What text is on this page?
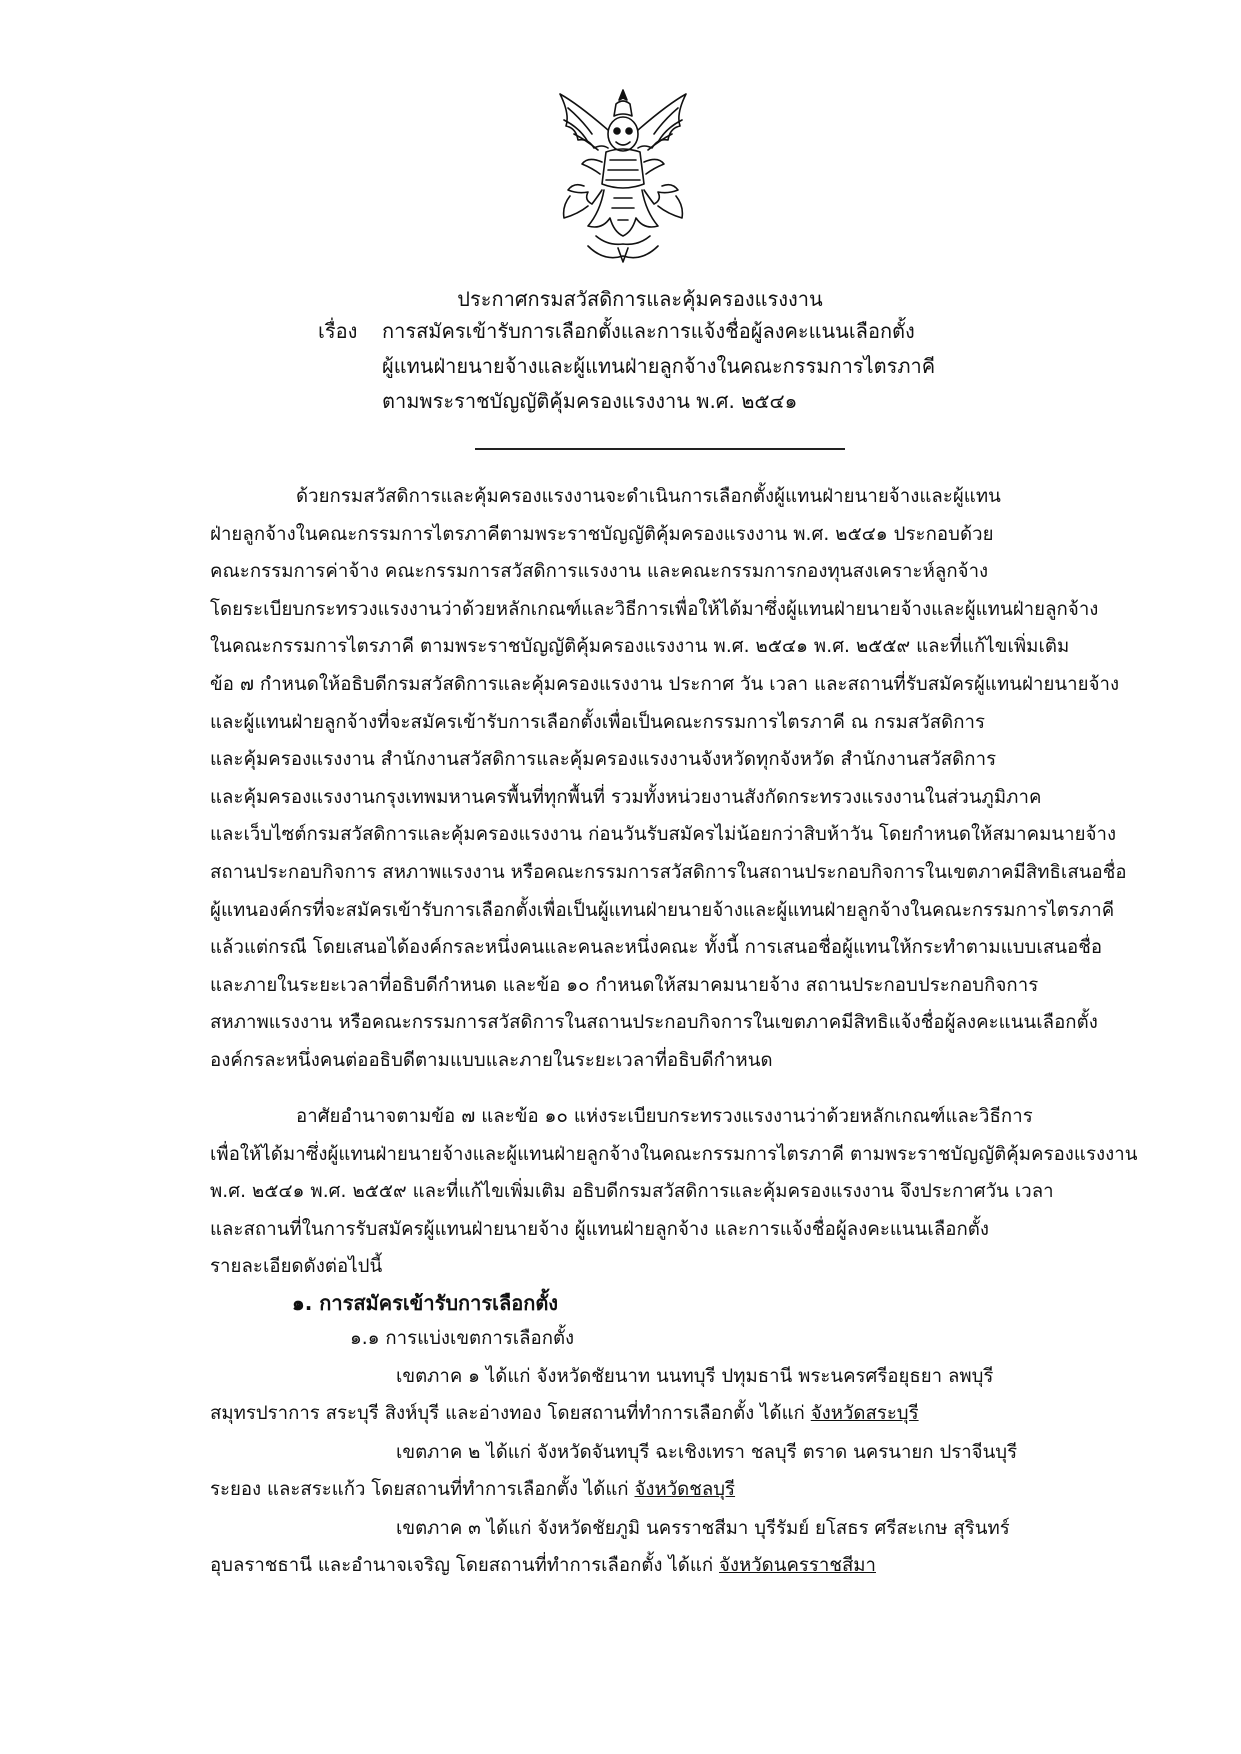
ประกาศกรมสวัสดิการและคุ้มครองแรงงาน
เรื่อง	การสมัครเข้ารับการเลือกตั้งและการแจ้งชื่อผู้ลงคะแนนเลือกตั้ง
ผู้แทนฝ่ายนายจ้างและผู้แทนฝ่ายลูกจ้างในคณะกรรมการไตรภาคี
ตามพระราชบัญญัติคุ้มครองแรงงาน พ.ศ. ๒๕๔๑
ด้วยกรมสวัสดิการและคุ้มครองแรงงานจะดำเนินการเลือกตั้งผู้แทนฝ่ายนายจ้างและผู้แทน
ฝ่ายลูกจ้างในคณะกรรมการไตรภาคีตามพระราชบัญญัติคุ้มครองแรงงาน พ.ศ. ๒๕๔๑ ประกอบด้วย
คณะกรรมการค่าจ้าง คณะกรรมการสวัสดิการแรงงาน และคณะกรรมการกองทุนสงเคราะห์ลูกจ้าง
โดยระเบียบกระทรวงแรงงานว่าด้วยหลักเกณฑ์และวิธีการเพื่อให้ได้มาซึ่งผู้แทนฝ่ายนายจ้างและผู้แทนฝ่ายลูกจ้าง
ในคณะกรรมการไตรภาคี ตามพระราชบัญญัติคุ้มครองแรงงาน พ.ศ. ๒๕๔๑ พ.ศ. ๒๕๕๙ และที่แก้ไขเพิ่มเติม
ข้อ ๗ กำหนดให้อธิบดีกรมสวัสดิการและคุ้มครองแรงงาน ประกาศ วัน เวลา และสถานที่รับสมัครผู้แทนฝ่ายนายจ้าง
และผู้แทนฝ่ายลูกจ้างที่จะสมัครเข้ารับการเลือกตั้งเพื่อเป็นคณะกรรมการไตรภาคี ณ กรมสวัสดิการ
และคุ้มครองแรงงาน สำนักงานสวัสดิการและคุ้มครองแรงงานจังหวัดทุกจังหวัด สำนักงานสวัสดิการ
และคุ้มครองแรงงานกรุงเทพมหานครพื้นที่ทุกพื้นที่ รวมทั้งหน่วยงานสังกัดกระทรวงแรงงานในส่วนภูมิภาค
และเว็บไซต์กรมสวัสดิการและคุ้มครองแรงงาน ก่อนวันรับสมัครไม่น้อยกว่าสิบห้าวัน โดยกำหนดให้สมาคมนายจ้าง
สถานประกอบกิจการ สหภาพแรงงาน หรือคณะกรรมการสวัสดิการในสถานประกอบกิจการในเขตภาคมีสิทธิเสนอชื่อ
ผู้แทนองค์กรที่จะสมัครเข้ารับการเลือกตั้งเพื่อเป็นผู้แทนฝ่ายนายจ้างและผู้แทนฝ่ายลูกจ้างในคณะกรรมการไตรภาคี
แล้วแต่กรณี โดยเสนอได้องค์กรละหนึ่งคนและคนละหนึ่งคณะ ทั้งนี้ การเสนอชื่อผู้แทนให้กระทำตามแบบเสนอชื่อ
และภายในระยะเวลาที่อธิบดีกำหนด และข้อ ๑๐ กำหนดให้สมาคมนายจ้าง สถานประกอบประกอบกิจการ
สหภาพแรงงาน หรือคณะกรรมการสวัสดิการในสถานประกอบกิจการในเขตภาคมีสิทธิแจ้งชื่อผู้ลงคะแนนเลือกตั้ง
องค์กรละหนึ่งคนต่ออธิบดีตามแบบและภายในระยะเวลาที่อธิบดีกำหนด
อาศัยอำนาจตามข้อ ๗ และข้อ ๑๐ แห่งระเบียบกระทรวงแรงงานว่าด้วยหลักเกณฑ์และวิธีการ
เพื่อให้ได้มาซึ่งผู้แทนฝ่ายนายจ้างและผู้แทนฝ่ายลูกจ้างในคณะกรรมการไตรภาคี ตามพระราชบัญญัติคุ้มครองแรงงาน
พ.ศ. ๒๕๔๑ พ.ศ. ๒๕๕๙ และที่แก้ไขเพิ่มเติม อธิบดีกรมสวัสดิการและคุ้มครองแรงงาน จึงประกาศวัน เวลา
และสถานที่ในการรับสมัครผู้แทนฝ่ายนายจ้าง ผู้แทนฝ่ายลูกจ้าง และการแจ้งชื่อผู้ลงคะแนนเลือกตั้ง
รายละเอียดดังต่อไปนี้
๑. การสมัครเข้ารับการเลือกตั้ง
๑.๑ การแบ่งเขตการเลือกตั้ง
เขตภาค ๑ ได้แก่ จังหวัดชัยนาท นนทบุรี ปทุมธานี พระนครศรีอยุธยา ลพบุรี
สมุทรปราการ สระบุรี สิงห์บุรี และอ่างทอง โดยสถานที่ทำการเลือกตั้ง ได้แก่ จังหวัดสระบุรี
เขตภาค ๒ ได้แก่ จังหวัดจันทบุรี ฉะเชิงเทรา ชลบุรี ตราด นครนายก ปราจีนบุรี
ระยอง และสระแก้ว โดยสถานที่ทำการเลือกตั้ง ได้แก่ จังหวัดชลบุรี
เขตภาค ๓ ได้แก่ จังหวัดชัยภูมิ นครราชสีมา บุรีรัมย์ ยโสธร ศรีสะเกษ สุรินทร์
อุบลราชธานี และอำนาจเจริญ โดยสถานที่ทำการเลือกตั้ง ได้แก่ จังหวัดนครราชสีมา
